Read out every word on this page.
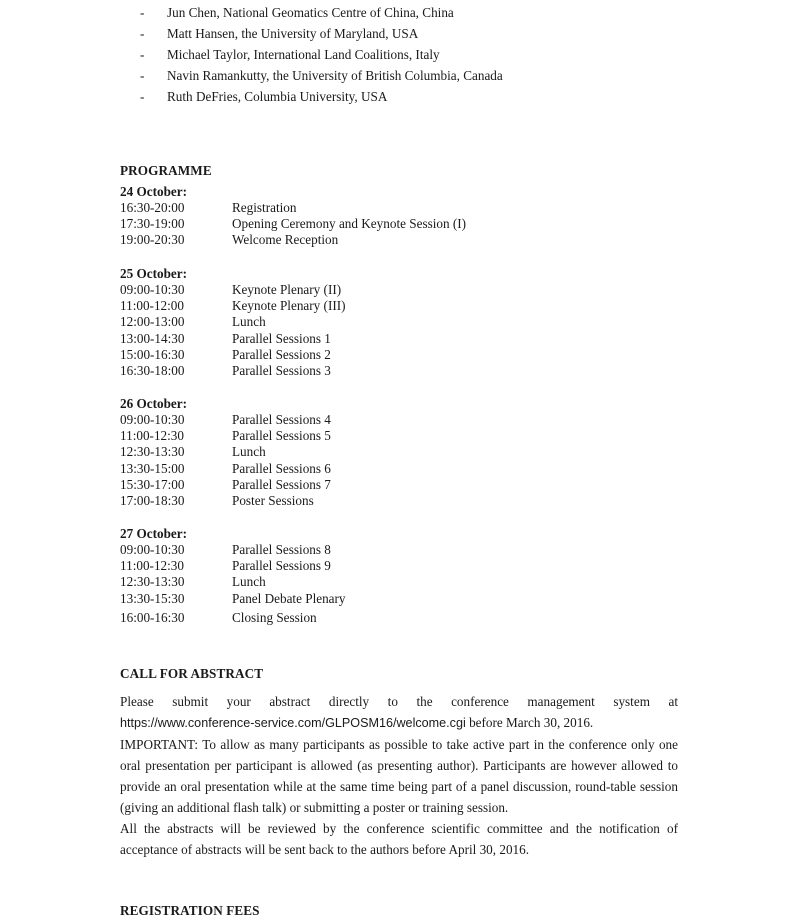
- Jun Chen, National Geomatics Centre of China, China
- Matt Hansen, the University of Maryland, USA
- Michael Taylor, International Land Coalitions, Italy
- Navin Ramankutty, the University of British Columbia, Canada
- Ruth DeFries, Columbia University, USA
PROGRAMME
24 October:
16:30-20:00	Registration
17:30-19:00	Opening Ceremony and Keynote Session (I)
19:00-20:30	Welcome Reception
25 October:
09:00-10:30	Keynote Plenary (II)
11:00-12:00	Keynote Plenary (III)
12:00-13:00	Lunch
13:00-14:30	Parallel Sessions 1
15:00-16:30	Parallel Sessions 2
16:30-18:00	Parallel Sessions 3
26 October:
09:00-10:30	Parallel Sessions 4
11:00-12:30	Parallel Sessions 5
12:30-13:30	Lunch
13:30-15:00	Parallel Sessions 6
15:30-17:00	Parallel Sessions 7
17:00-18:30	Poster Sessions
27 October:
09:00-10:30	Parallel Sessions 8
11:00-12:30	Parallel Sessions 9
12:30-13:30	Lunch
13:30-15:30	Panel Debate Plenary
16:00-16:30	Closing Session
CALL FOR ABSTRACT

Please submit your abstract directly to the conference management system at

https://www.conference-service.com/GLPOSM16/welcome.cgi before March 30, 2016.

IMPORTANT: To allow as many participants as possible to take active part in the conference only one oral presentation per participant is allowed (as presenting author). Participants are however allowed to provide an oral presentation while at the same time being part of a panel discussion, round-table session (giving an additional flash talk) or submitting a poster or training session.

All the abstracts will be reviewed by the conference scientific committee and the notification of acceptance of abstracts will be sent back to the authors before April 30, 2016.

REGISTRATION FEES
